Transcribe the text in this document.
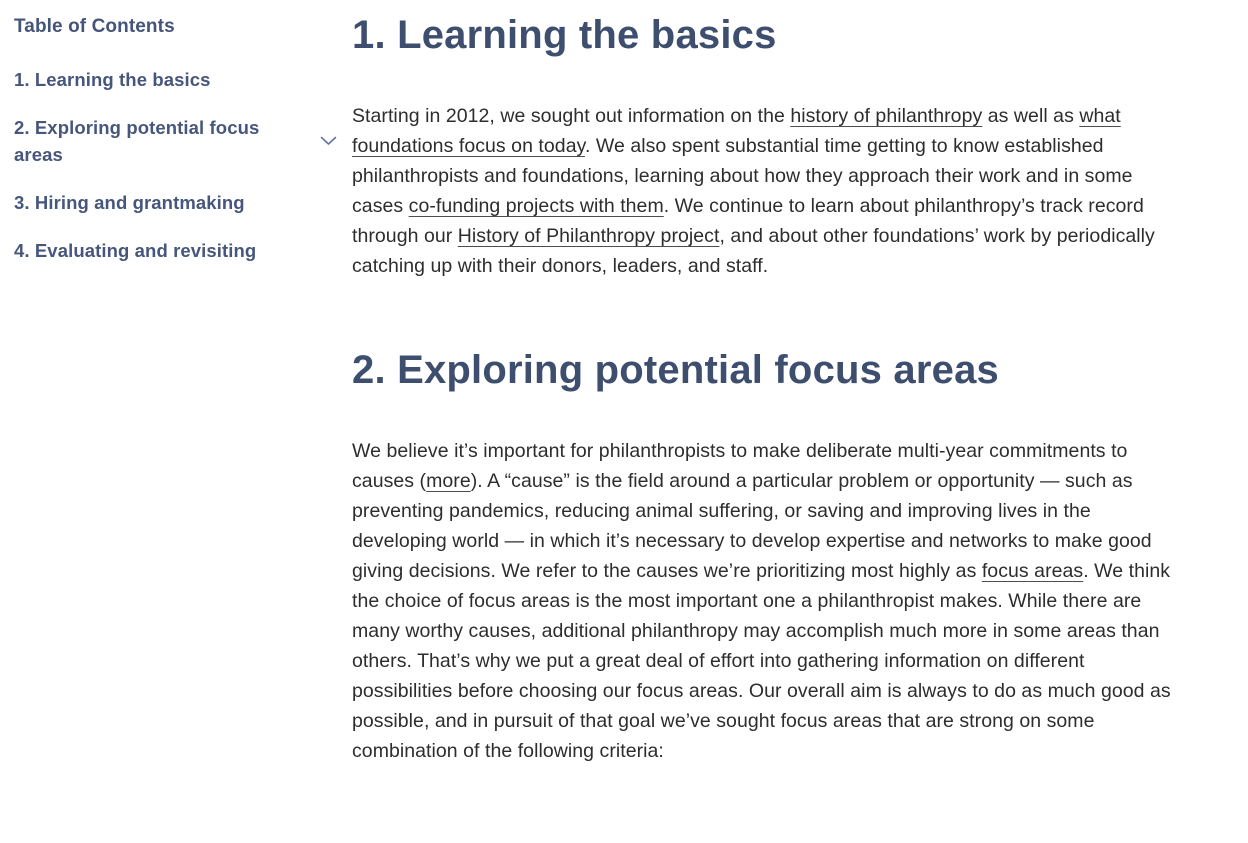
Table of Contents
1. Learning the basics
2. Exploring potential focus areas
3. Hiring and grantmaking
4. Evaluating and revisiting
1. Learning the basics

Starting in 2012, we sought out information on the history of philanthropy as well as what foundations focus on today. We also spent substantial time getting to know established philanthropists and foundations, learning about how they approach their work and in some cases co-funding projects with them. We continue to learn about philanthropy’s track record through our History of Philanthropy project, and about other foundations’ work by periodically catching up with their donors, leaders, and staff.

2. Exploring potential focus areas

We believe it’s important for philanthropists to make deliberate multi-year commitments to causes (more). A “cause” is the field around a particular problem or opportunity — such as preventing pandemics, reducing animal suffering, or saving and improving lives in the developing world — in which it’s necessary to develop expertise and networks to make good giving decisions. We refer to the causes we’re prioritizing most highly as focus areas. We think the choice of focus areas is the most important one a philanthropist makes. While there are many worthy causes, additional philanthropy may accomplish much more in some areas than others. That’s why we put a great deal of effort into gathering information on different possibilities before choosing our focus areas. Our overall aim is always to do as much good as possible, and in pursuit of that goal we’ve sought focus areas that are strong on some combination of the following criteria:
